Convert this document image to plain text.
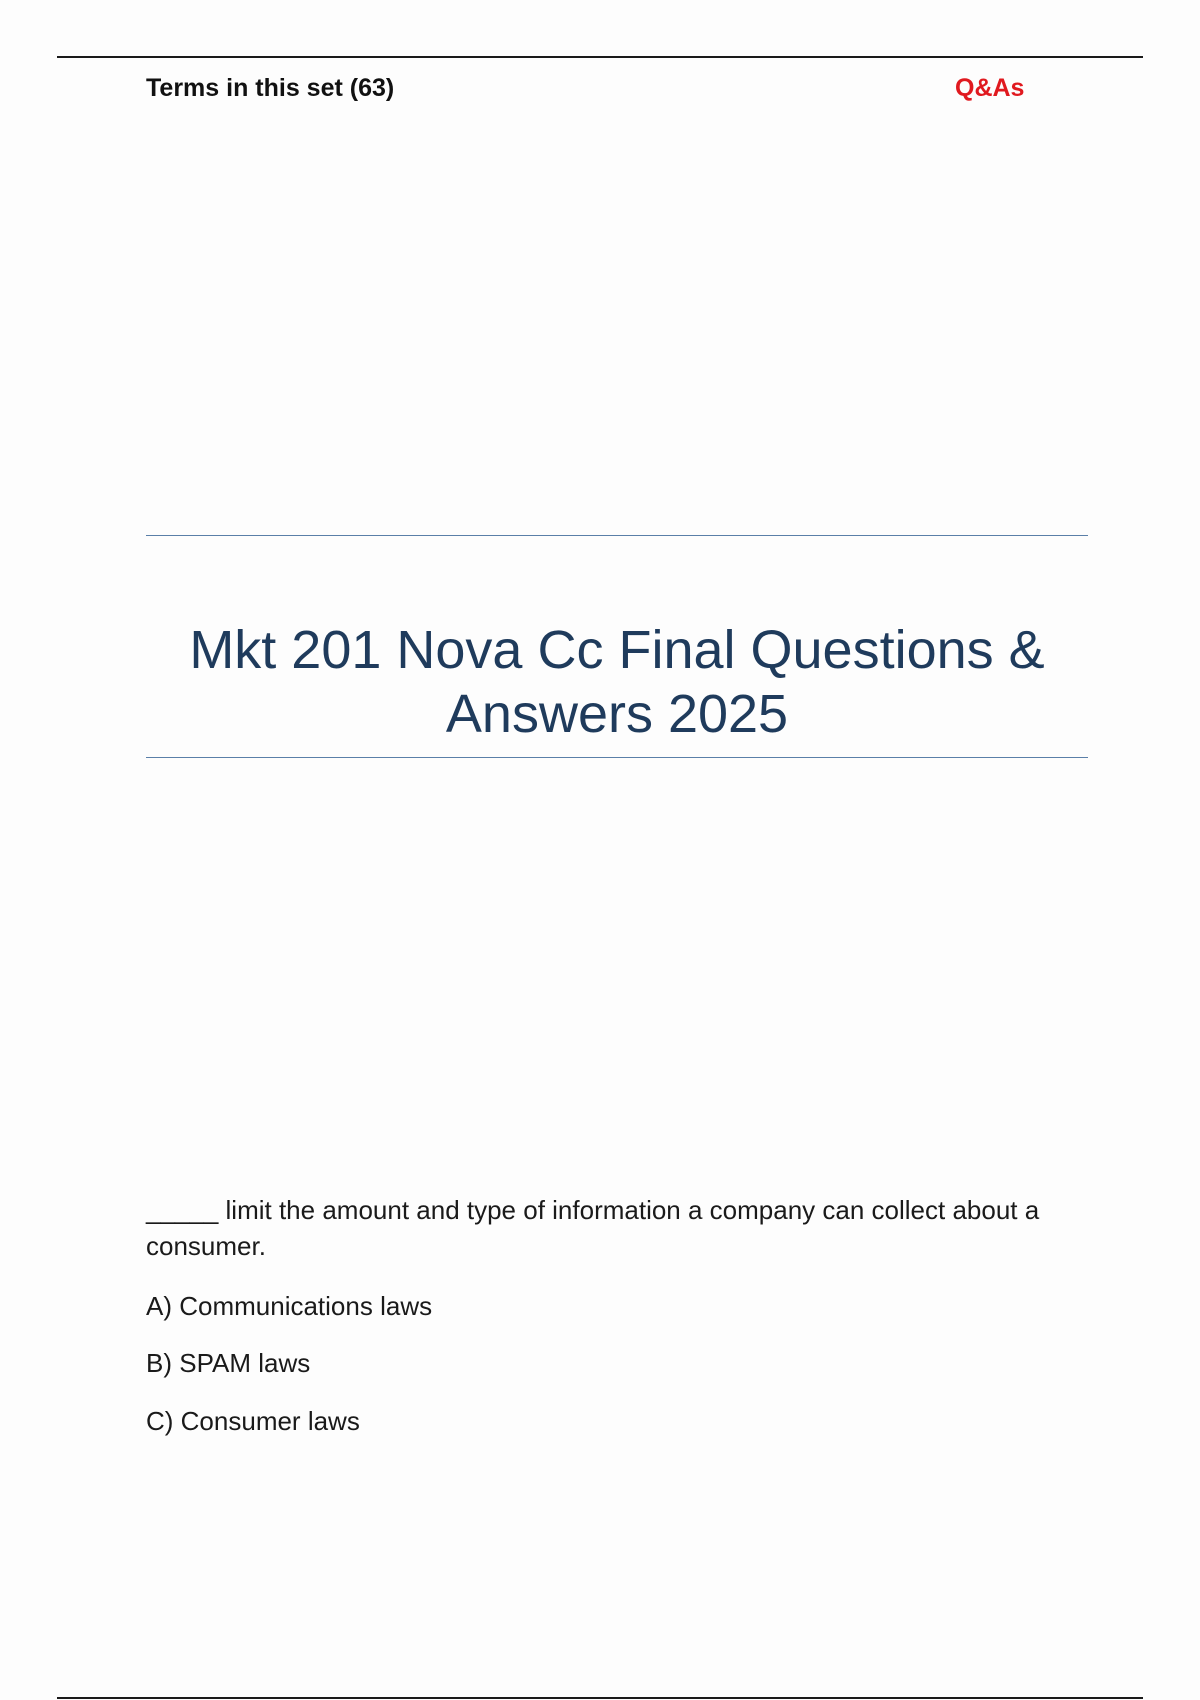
Terms in this set (63)	Q&As
Mkt 201 Nova Cc Final Questions &
Answers 2025
_____ limit the amount and type of information a company can collect about a consumer.
A) Communications laws
B) SPAM laws
C) Consumer laws
